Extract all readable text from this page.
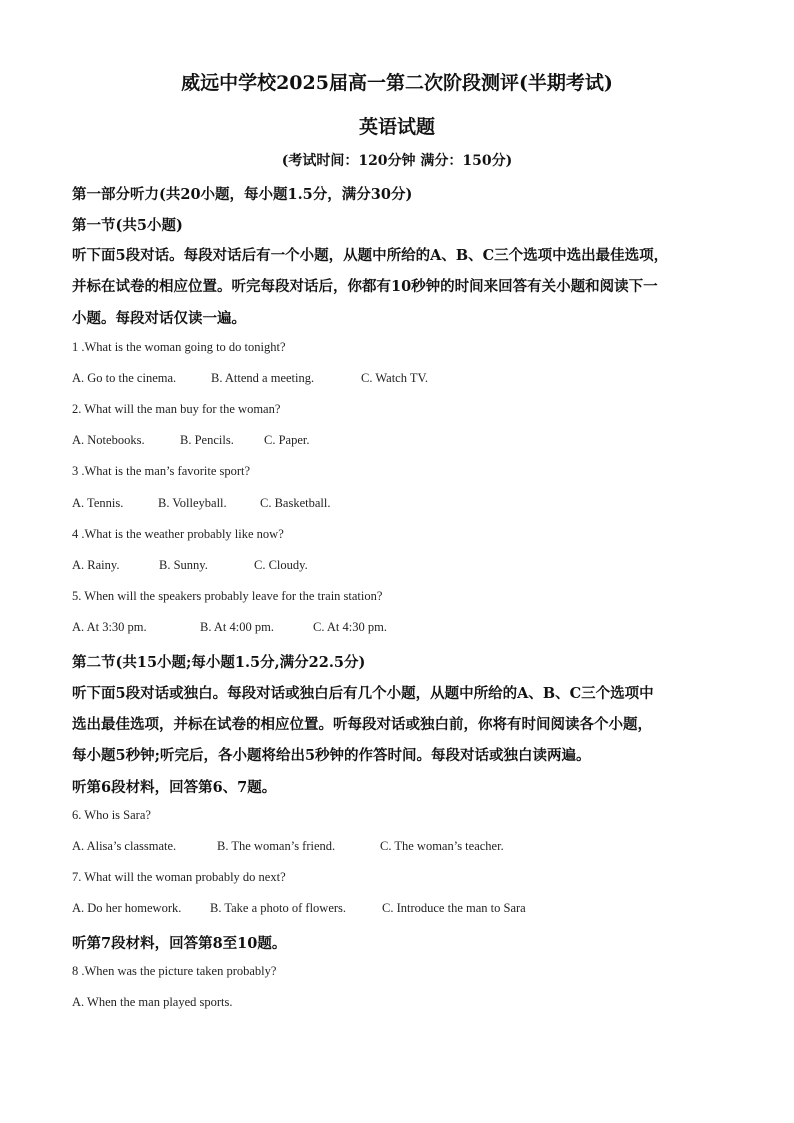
威远中学校2025届高一第二次阶段测评(半期考试)
英语试题
(考试时间：120分钟 满分：150分)
第一部分听力(共20小题，每小题1.5分，满分30分)
第一节(共5小题)
听下面5段对话。每段对话后有一个小题，从题中所给的A、B、C三个选项中选出最佳选项，
并标在试卷的相应位置。听完每段对话后，你都有10秒钟的时间来回答有关小题和阅读下一
小题。每段对话仅读一遍。
1 .What is the woman going to do tonight?
A. Go to the cinema.	B. Attend a meeting.	C. Watch TV.
2. What will the man buy for the woman?
A. Notebooks.	B. Pencils. C. Paper.
3 .What is the man’s favorite sport?
A. Tennis.	B. Volleyball.	C. Basketball.
4 .What is the weather probably like now?
A. Rainy.	B. Sunny.	C. Cloudy.
5. When will the speakers probably leave for the train station?
A. At 3:30 pm.	B. At 4:00 pm.	C. At 4:30 pm.
第二节(共15小题;每小题1.5分,满分22.5分)
听下面5段对话或独白。每段对话或独白后有几个小题，从题中所给的A、B、C三个选项中
选出最佳选项，并标在试卷的相应位置。听每段对话或独白前，你将有时间阅读各个小题，
每小题5秒钟;听完后，各小题将给出5秒钟的作答时间。每段对话或独白读两遍。
听第6段材料，回答第6、7题。
6. Who is Sara?
A. Alisa’s classmate.	B. The woman’s friend.	C. The woman’s teacher.
7. What will the woman probably do next?
A. Do her homework. B. Take a photo of flowers.	C. Introduce the man to Sara
听第7段材料，回答第8至10题。
8 .When was the picture taken probably?
A. When the man played sports.
